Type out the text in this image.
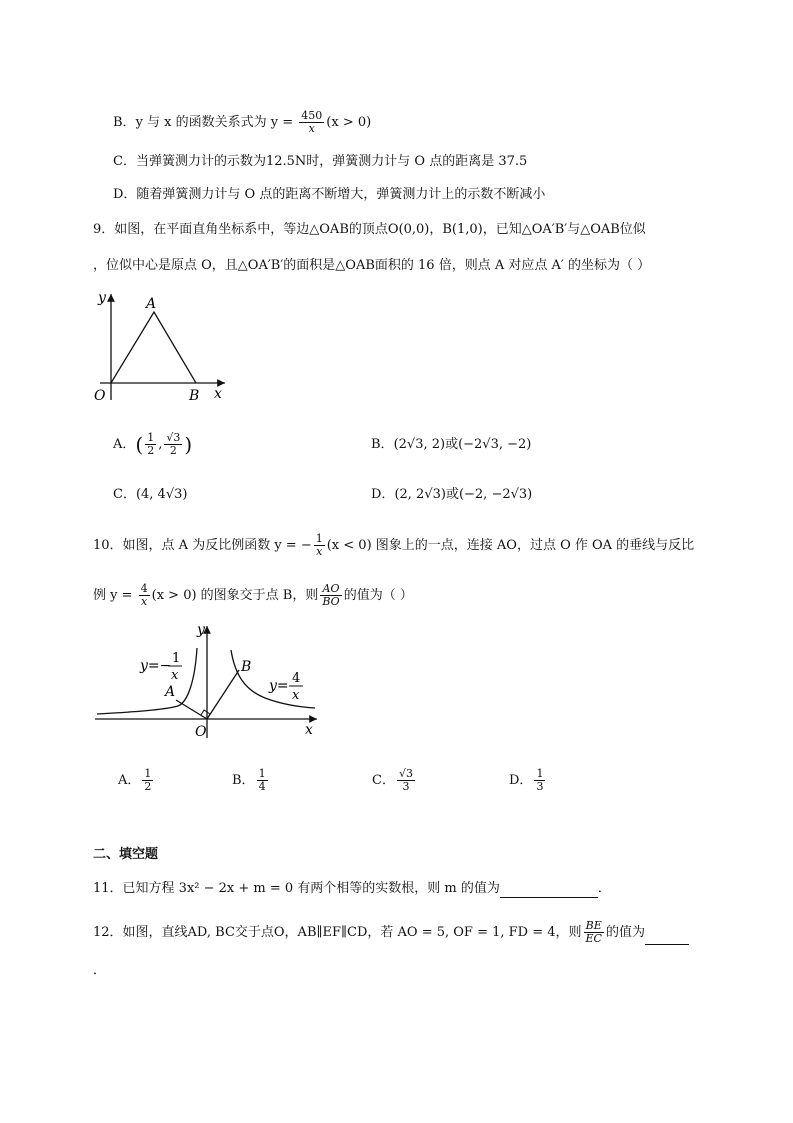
B．y 与 x 的函数关系式为 $y = \frac{450}{x} (x > 0)$
C．当弹簧测力计的示数为12.5N时，弹簧测力计与 O 点的距离是 37.5
D．随着弹簧测力计与 O 点的距离不断增大，弹簧测力计上的示数不断减小
9．如图，在平面直角坐标系中，等边△OAB的顶点O(0,0)，B(1,0)，已知△OA′B′与△OAB位似
，位似中心是原点 O，且△OA′B′的面积是△OAB面积的 16 倍，则点 A 对应点 A′ 的坐标为（ ）
y	A
O	B x
A．( $\frac{1}{2}$ , $\frac{√3}{2}$ )	B．(2√3, 2)或(−2√3, −2)
C．(4, 4√3)	D．(2, 2√3)或(−2, −2√3)
10．如图，点 A 为反比例函数 y = − $\frac{1}{x} (x < 0)$ 图象上的一点，连接 AO，过点 O 作 OA 的垂线与反比
例 $y = \frac{4}{x} (x > 0)$ 的图象交于点 B，则 $\frac{AO}{BO}$ 的值为（ ）
y
x
O
A
B
y=− 1
x
y= 4
x
A． $\frac{1}{2}$	B． $\frac{1}{4}$	C． $\frac{√3}{3}$	D． $\frac{1}{3}$
二、填空题
11．已知方程 3x² − 2x + m = 0 有两个相等的实数根，则 m 的值为	．
12．如图，直线AD, BC交于点O，AB∥EF∥CD，若 AO = 5, OF = 1, FD = 4，则 $\frac{BE}{EC}$ 的值为
．
